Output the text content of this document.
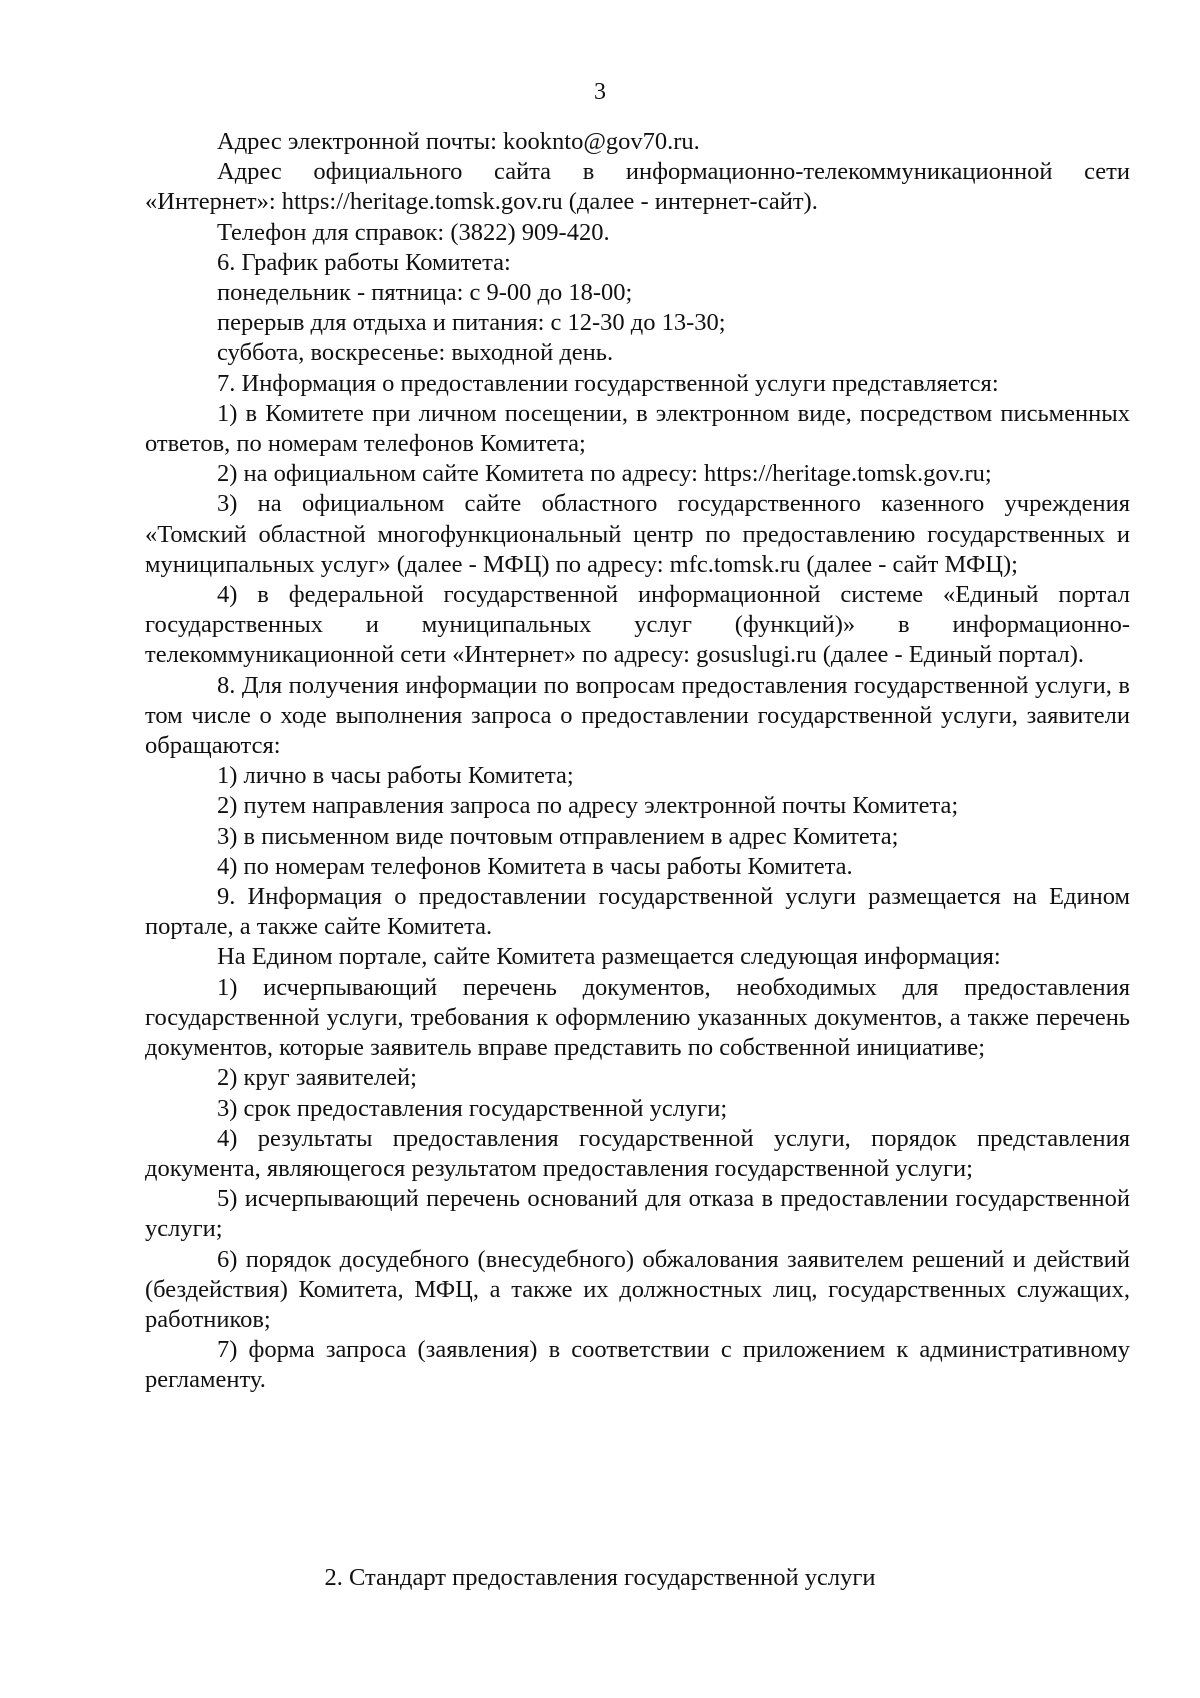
3

Адрес электронной почты: kookntо@gov70.ru.

Адрес официального сайта в информационно-телекоммуникационной сети «Интернет»: https://heritage.tomsk.gov.ru (далее - интернет-сайт).

Телефон для справок: (3822) 909-420.

6. График работы Комитета:

понедельник - пятница: с 9-00 до 18-00;

перерыв для отдыха и питания: с 12-30 до 13-30;

суббота, воскресенье: выходной день.

7. Информация о предоставлении государственной услуги представляется:

1) в Комитете при личном посещении, в электронном виде, посредством письменных ответов, по номерам телефонов Комитета;

2) на официальном сайте Комитета по адресу: https://heritage.tomsk.gov.ru;

3) на официальном сайте областного государственного казенного учреждения «Томский областной многофункциональный центр по предоставлению государственных и муниципальных услуг» (далее - МФЦ) по адресу: mfc.tomsk.ru (далее - сайт МФЦ);

4) в федеральной государственной информационной системе «Единый портал государственных и муниципальных услуг (функций)» в информационно-телекоммуникационной сети «Интернет» по адресу: gosuslugi.ru (далее - Единый портал).

8. Для получения информации по вопросам предоставления государственной услуги, в том числе о ходе выполнения запроса о предоставлении государственной услуги, заявители обращаются:

1) лично в часы работы Комитета;

2) путем направления запроса по адресу электронной почты Комитета;

3) в письменном виде почтовым отправлением в адрес Комитета;

4) по номерам телефонов Комитета в часы работы Комитета.

9. Информация о предоставлении государственной услуги размещается на Едином портале, а также сайте Комитета.

На Едином портале, сайте Комитета размещается следующая информация:

1) исчерпывающий перечень документов, необходимых для предоставления государственной услуги, требования к оформлению указанных документов, а также перечень документов, которые заявитель вправе представить по собственной инициативе;

2) круг заявителей;

3) срок предоставления государственной услуги;

4) результаты предоставления государственной услуги, порядок представления документа, являющегося результатом предоставления государственной услуги;

5) исчерпывающий перечень оснований для отказа в предоставлении государственной услуги;

6) порядок досудебного (внесудебного) обжалования заявителем решений и действий (бездействия) Комитета, МФЦ, а также их должностных лиц, государственных служащих, работников;

7) форма запроса (заявления) в соответствии с приложением к административному регламенту.

2. Стандарт предоставления государственной услуги
